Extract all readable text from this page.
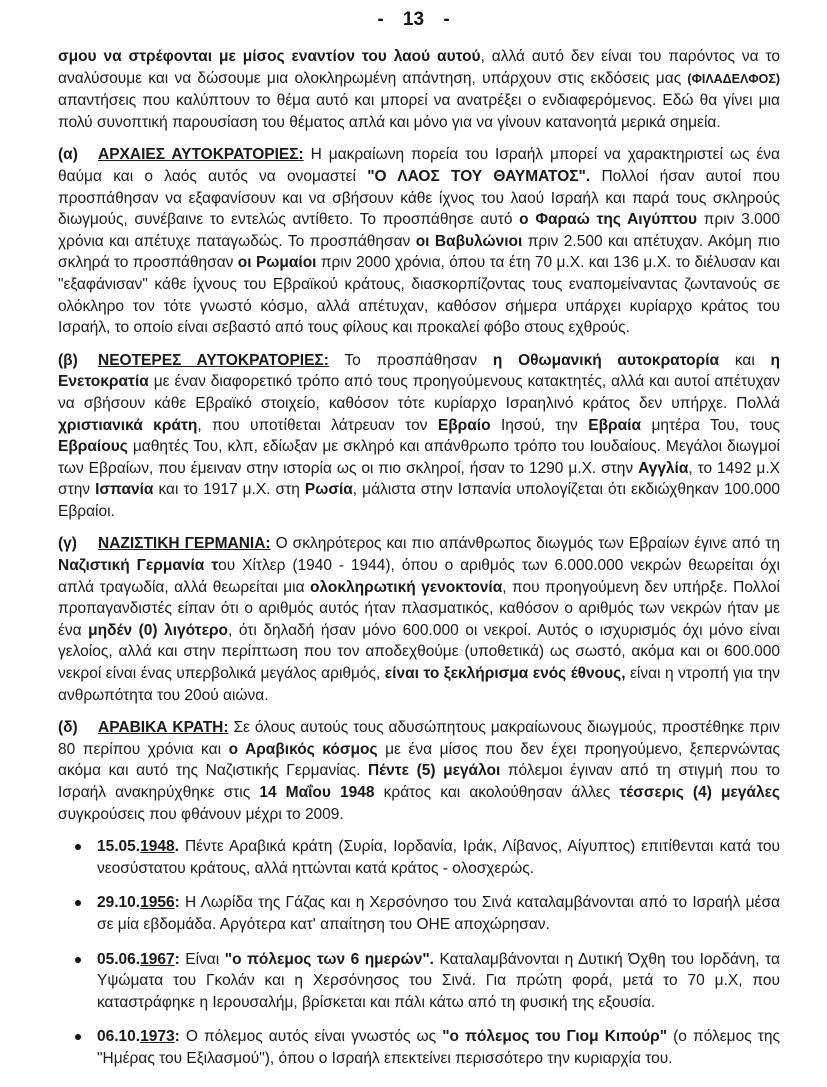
- 13 -
σμου να στρέφονται με μίσος εναντίον του λαού αυτού, αλλά αυτό δεν είναι του παρόντος να το αναλύσουμε και να δώσουμε μια ολοκληρωμένη απάντηση, υπάρχουν στις εκδόσεις μας (ΦΙΛΑΔΕΛΦΟΣ) απαντήσεις που καλύπτουν το θέμα αυτό και μπορεί να ανατρέξει ο ενδιαφερόμενος. Εδώ θα γίνει μια πολύ συνοπτική παρουσίαση του θέματος απλά και μόνο για να γίνουν κατανοητά μερικά σημεία.
(α) ΑΡΧΑΙΕΣ ΑΥΤΟΚΡΑΤΟΡΙΕΣ: Η μακραίωνη πορεία του Ισραήλ μπορεί να χαρακτηριστεί ως ένα θαύμα και ο λαός αυτός να ονομαστεί "Ο ΛΑΟΣ ΤΟΥ ΘΑΥΜΑΤΟΣ". Πολλοί ήσαν αυτοί που προσπάθησαν να εξαφανίσουν και να σβήσουν κάθε ίχνος του λαού Ισραήλ και παρά τους σκληρούς διωγμούς, συνέβαινε το εντελώς αντίθετο. Το προσπάθησε αυτό ο Φαραώ της Αιγύπτου πριν 3.000 χρόνια και απέτυχε παταγωδώς. Το προσπάθησαν οι Βαβυλώνιοι πριν 2.500 και απέτυχαν. Ακόμη πιο σκληρά το προσπάθησαν οι Ρωμαίοι πριν 2000 χρόνια, όπου τα έτη 70 μ.Χ. και 136 μ.Χ. το διέλυσαν και "εξαφάνισαν" κάθε ίχνους του Εβραϊκού κράτους, διασκορπίζοντας τους εναπομείναντας ζωντανούς σε ολόκληρο τον τότε γνωστό κόσμο, αλλά απέτυχαν, καθόσον σήμερα υπάρχει κυρίαρχο κράτος του Ισραήλ, το οποίο είναι σεβαστό από τους φίλους και προκαλεί φόβο στους εχθρούς.
(β) ΝΕΟΤΕΡΕΣ ΑΥΤΟΚΡΑΤΟΡΙΕΣ: Το προσπάθησαν η Οθωμανική αυτοκρατορία και η Ενετοκρατία με έναν διαφορετικό τρόπο από τους προηγούμενους κατακτητές, αλλά και αυτοί απέτυχαν να σβήσουν κάθε Εβραϊκό στοιχείο, καθόσον τότε κυρίαρχο Ισραηλινό κράτος δεν υπήρχε. Πολλά χριστιανικά κράτη, που υποτίθεται λάτρευαν τον Εβραίο Ιησού, την Εβραία μητέρα Του, τους Εβραίους μαθητές Του, κλπ, εδίωξαν με σκληρό και απάνθρωπο τρόπο του Ιουδαίους. Μεγάλοι διωγμοί των Εβραίων, που έμειναν στην ιστορία ως οι πιο σκληροί, ήσαν το 1290 μ.Χ. στην Αγγλία, το 1492 μ.Χ στην Ισπανία και το 1917 μ.Χ. στη Ρωσία, μάλιστα στην Ισπανία υπολογίζεται ότι εκδιώχθηκαν 100.000 Εβραίοι.
(γ) ΝΑΖΙΣΤΙΚΗ ΓΕΡΜΑΝΙΑ: Ο σκληρότερος και πιο απάνθρωπος διωγμός των Εβραίων έγινε από τη Ναζιστική Γερμανία του Χίτλερ (1940 - 1944), όπου ο αριθμός των 6.000.000 νεκρών θεωρείται όχι απλά τραγωδία, αλλά θεωρείται μια ολοκληρωτική γενοκτονία, που προηγούμενη δεν υπήρξε. Πολλοί προπαγανδιστές είπαν ότι ο αριθμός αυτός ήταν πλασματικός, καθόσον ο αριθμός των νεκρών ήταν με ένα μηδέν (0) λιγότερο, ότι δηλαδή ήσαν μόνο 600.000 οι νεκροί. Αυτός ο ισχυρισμός όχι μόνο είναι γελοίος, αλλά και στην περίπτωση που τον αποδεχθούμε (υποθετικά) ως σωστό, ακόμα και οι 600.000 νεκροί είναι ένας υπερβολικά μεγάλος αριθμός, είναι το ξεκλήρισμα ενός έθνους, είναι η ντροπή για την ανθρωπότητα του 20ού αιώνα.
(δ) ΑΡΑΒΙΚΑ ΚΡΑΤΗ: Σε όλους αυτούς τους αδυσώπητους μακραίωνους διωγμούς, προστέθηκε πριν 80 περίπου χρόνια και ο Αραβικός κόσμος με ένα μίσος που δεν έχει προηγούμενο, ξεπερνώντας ακόμα και αυτό της Ναζιστικής Γερμανίας. Πέντε (5) μεγάλοι πόλεμοι έγιναν από τη στιγμή που το Ισραήλ ανακηρύχθηκε στις 14 Μαΐου 1948 κράτος και ακολούθησαν άλλες τέσσερις (4) μεγάλες συγκρούσεις που φθάνουν μέχρι το 2009.
15.05.1948. Πέντε Αραβικά κράτη (Συρία, Ιορδανία, Ιράκ, Λίβανος, Αίγυπτος) επιτίθενται κατά του νεοσύστατου κράτους, αλλά ηττώνται κατά κράτος - ολοσχερώς.
29.10.1956: Η Λωρίδα της Γάζας και η Χερσόνησο του Σινά καταλαμβάνονται από το Ισραήλ μέσα σε μία εβδομάδα. Αργότερα κατ' απαίτηση του ΟΗΕ αποχώρησαν.
05.06.1967: Είναι "ο πόλεμος των 6 ημερών". Καταλαμβάνονται η Δυτική Όχθη του Ιορδάνη, τα Υψώματα του Γκολάν και η Χερσόνησος του Σινά. Για πρώτη φορά, μετά το 70 μ.Χ, που καταστράφηκε η Ιερουσαλήμ, βρίσκεται και πάλι κάτω από τη φυσική της εξουσία.
06.10.1973: Ο πόλεμος αυτός είναι γνωστός ως "ο πόλεμος του Γιομ Κιπούρ" (ο πόλεμος της "Ημέρας του Εξιλασμού"), όπου ο Ισραήλ επεκτείνει περισσότερο την κυριαρχία του.
